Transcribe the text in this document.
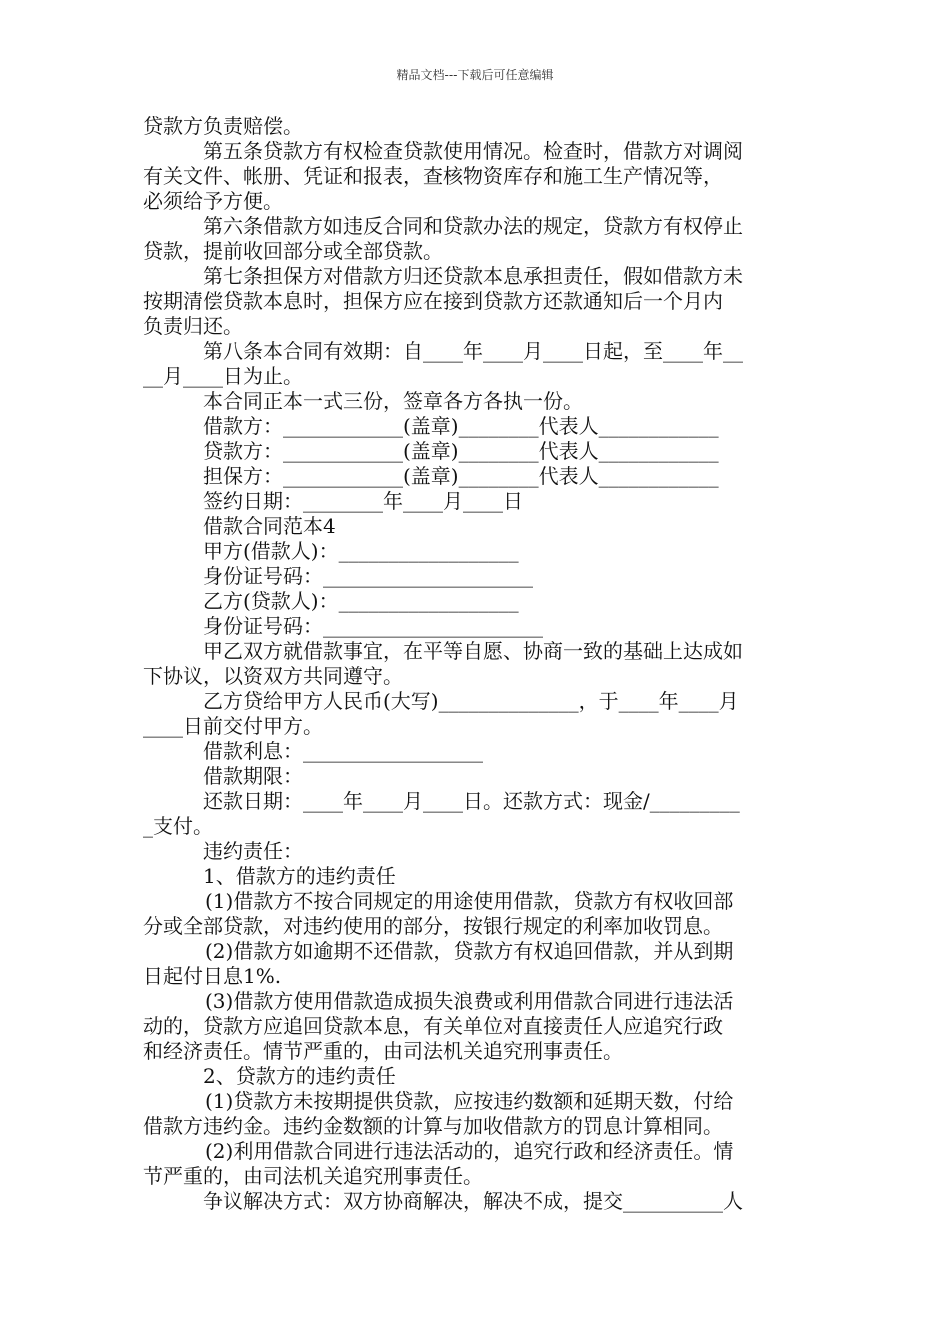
精品文档---下载后可任意编辑
贷款方负责赔偿。
第五条贷款方有权检查贷款使用情况。检查时，借款方对调阅
有关文件、帐册、凭证和报表，查核物资库存和施工生产情况等，
必须给予方便。
第六条借款方如违反合同和贷款办法的规定，贷款方有权停止
贷款，提前收回部分或全部贷款。
第七条担保方对借款方归还贷款本息承担责任，假如借款方未
按期清偿贷款本息时，担保方应在接到贷款方还款通知后一个月内
负责归还。
第八条本合同有效期：自____年____月____日起，至____年__
__月____日为止。
本合同正本一式三份，签章各方各执一份。
借款方：____________(盖章)________代表人____________
贷款方：____________(盖章)________代表人____________
担保方：____________(盖章)________代表人____________
签约日期：________年____月____日
借款合同范本4
甲方(借款人)：__________________
身份证号码：_____________________
乙方(贷款人)：__________________
身份证号码：______________________
甲乙双方就借款事宜，在平等自愿、协商一致的基础上达成如
下协议，以资双方共同遵守。
乙方贷给甲方人民币(大写)______________，于____年____月
____日前交付甲方。
借款利息：__________________
借款期限：
还款日期：____年____月____日。还款方式：现金/_________
_支付。
违约责任：
1、借款方的违约责任
(1)借款方不按合同规定的用途使用借款，贷款方有权收回部
分或全部贷款，对违约使用的部分，按银行规定的利率加收罚息。
(2)借款方如逾期不还借款，贷款方有权追回借款，并从到期
日起付日息1%.
(3)借款方使用借款造成损失浪费或利用借款合同进行违法活
动的，贷款方应追回贷款本息，有关单位对直接责任人应追究行政
和经济责任。情节严重的，由司法机关追究刑事责任。
2、贷款方的违约责任
(1)贷款方未按期提供贷款，应按违约数额和延期天数，付给
借款方违约金。违约金数额的计算与加收借款方的罚息计算相同。
(2)利用借款合同进行违法活动的，追究行政和经济责任。情
节严重的，由司法机关追究刑事责任。
争议解决方式：双方协商解决，解决不成，提交__________人
